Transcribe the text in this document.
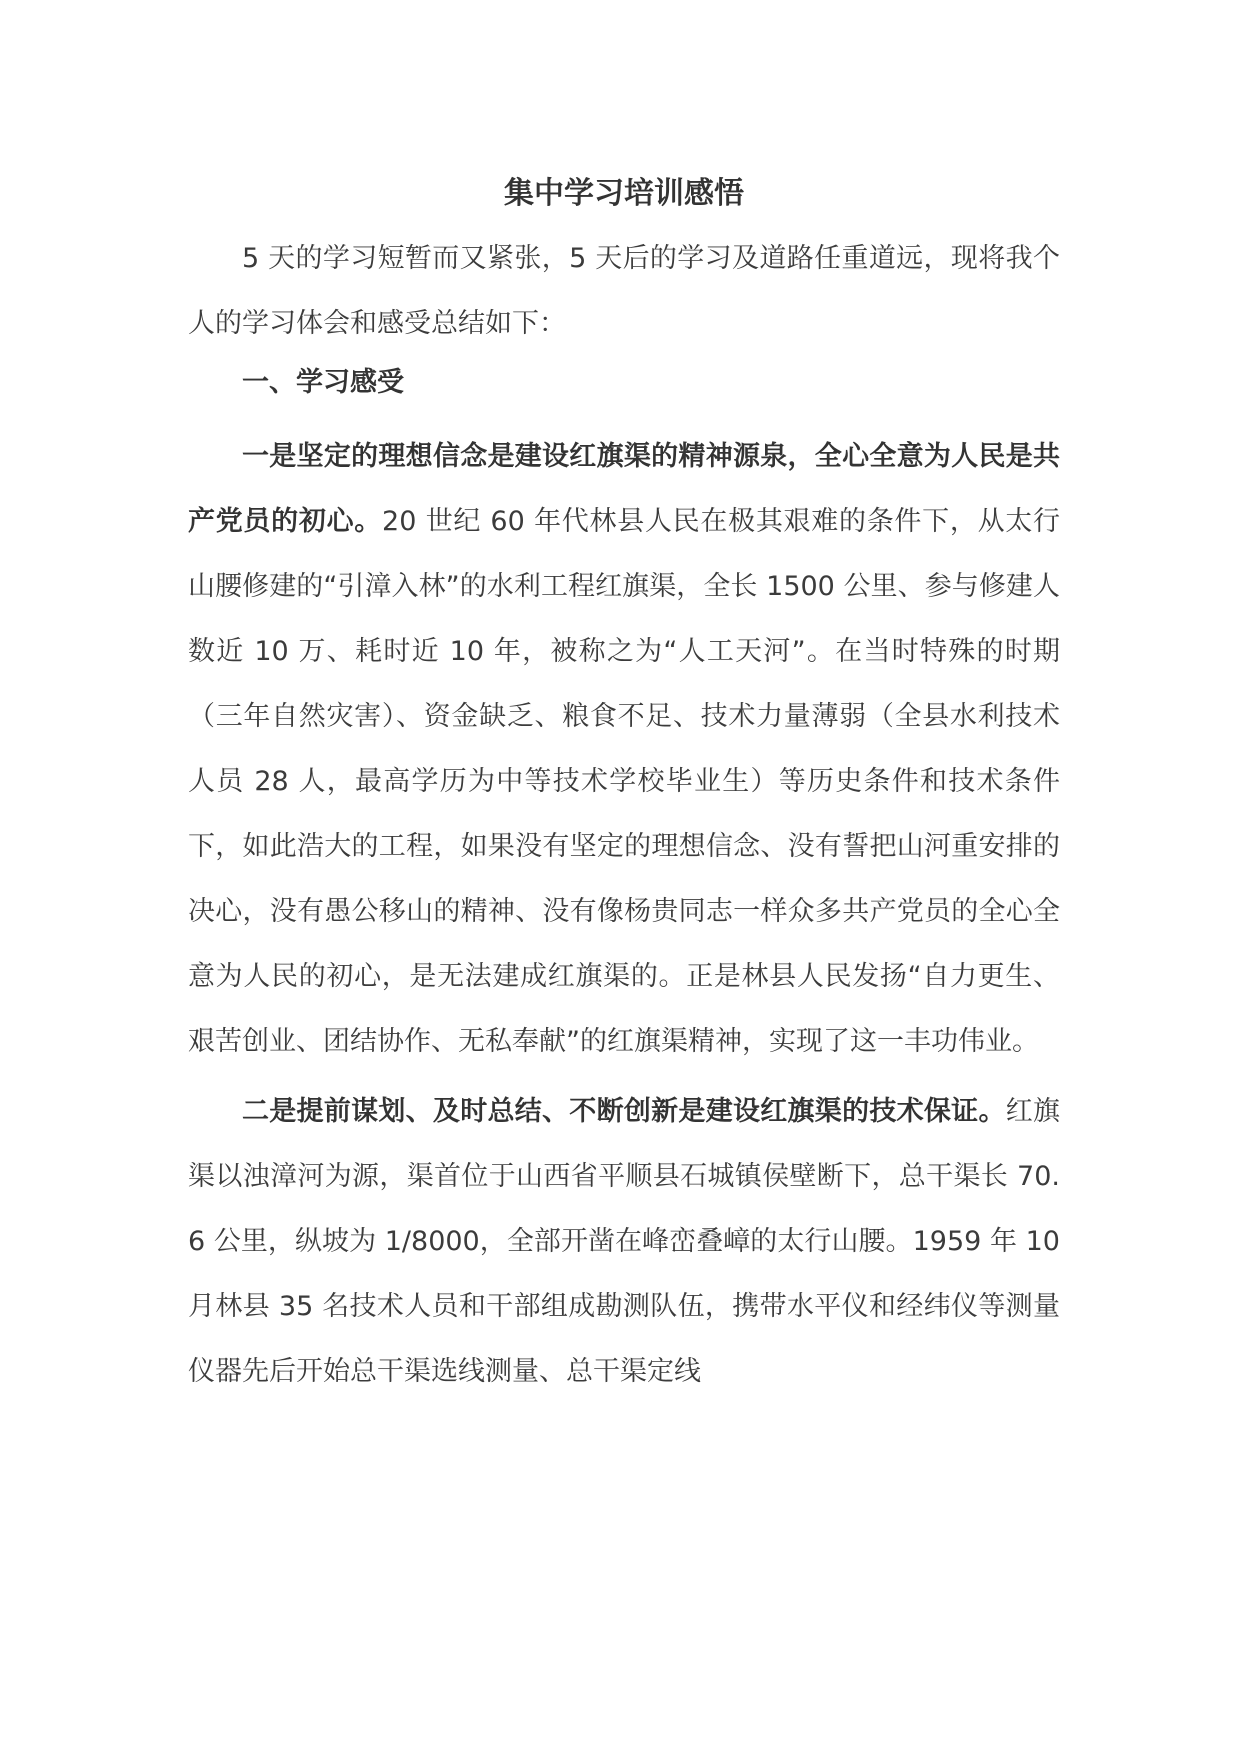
集中学习培训感悟

5 天的学习短暂而又紧张，5 天后的学习及道路任重道远，现将我个人的学习体会和感受总结如下：

一、学习感受

一是坚定的理想信念是建设红旗渠的精神源泉，全心全意为人民是共产党员的初心。20 世纪 60 年代林县人民在极其艰难的条件下，从太行山腰修建的“引漳入林”的水利工程红旗渠，全长 1500 公里、参与修建人数近 10 万、耗时近 10 年，被称之为“人工天河”。在当时特殊的时期（三年自然灾害）、资金缺乏、粮食不足、技术力量薄弱（全县水利技术人员 28 人，最高学历为中等技术学校毕业生）等历史条件和技术条件下，如此浩大的工程，如果没有坚定的理想信念、没有誓把山河重安排的决心，没有愚公移山的精神、没有像杨贵同志一样众多共产党员的全心全意为人民的初心，是无法建成红旗渠的。正是林县人民发扬“自力更生、艰苦创业、团结协作、无私奉献”的红旗渠精神，实现了这一丰功伟业。

二是提前谋划、及时总结、不断创新是建设红旗渠的技术保证。红旗渠以浊漳河为源，渠首位于山西省平顺县石城镇侯壁断下，总干渠长 70.6 公里，纵坡为 1/8000，全部开凿在峰峦叠嶂的太行山腰。1959 年 10 月林县 35 名技术人员和干部组成勘测队伍，携带水平仪和经纬仪等测量仪器先后开始总干渠选线测量、总干渠定线
